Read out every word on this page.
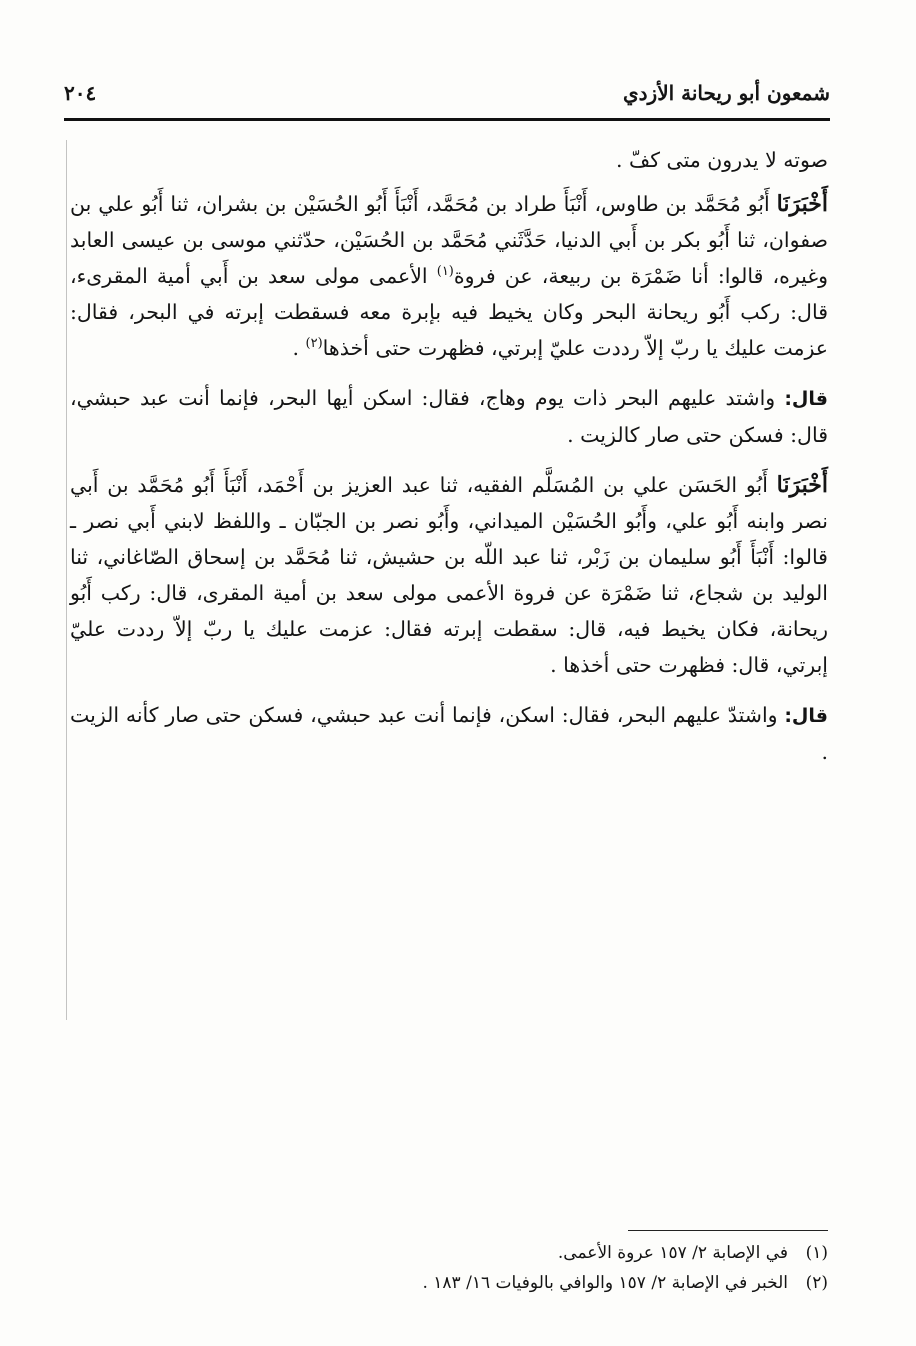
شمعون أبو ريحانة الأزدي
٢٠٤

صوته لا يدرون متى كفّ .

أَخْبَرَنَا أَبُو مُحَمَّد بن طاوس، أَنْبَأَ طراد بن مُحَمَّد، أَنْبَأَ أَبُو الحُسَيْن بن بشران، ثنا أَبُو علي بن صفوان، ثنا أَبُو بكر بن أَبي الدنيا، حَدَّثَني مُحَمَّد بن الحُسَيْن، حدّثني موسى بن عيسى العابد وغيره، قالوا: أنا ضَمْرَة بن ربيعة، عن فروة$^{(١)}$ الأعمى مولى سعد بن أَبي أمية المقرىء، قال: ركب أَبُو ريحانة البحر وكان يخيط فيه بإبرة معه فسقطت إبرته في البحر، فقال: عزمت عليك يا ربّ إلاّ رددت عليّ إبرتي، فظهرت حتى أخذها$^{(٢)}$ .

قال: واشتد عليهم البحر ذات يوم وهاج، فقال: اسكن أيها البحر، فإنما أنت عبد حبشي، قال: فسكن حتى صار كالزيت .

أَخْبَرَنَا أَبُو الحَسَن علي بن المُسَلَّم الفقيه، ثنا عبد العزيز بن أَحْمَد، أَنْبَأَ أَبُو مُحَمَّد بن أَبي نصر وابنه أَبُو علي، وأَبُو الحُسَيْن الميداني، وأَبُو نصر بن الجبّان ـ واللفظ لابني أَبي نصر ـ قالوا: أَنْبَأَ أَبُو سليمان بن زَبْر، ثنا عبد اللّه بن حشيش، ثنا مُحَمَّد بن إسحاق الصّاغاني، ثنا الوليد بن شجاع، ثنا ضَمْرَة عن فروة الأعمى مولى سعد بن أمية المقرى، قال: ركب أَبُو ريحانة، فكان يخيط فيه، قال: سقطت إبرته فقال: عزمت عليك يا ربّ إلاّ رددت عليّ إبرتي، قال: فظهرت حتى أخذها .

قال: واشتدّ عليهم البحر، فقال: اسكن، فإنما أنت عبد حبشي، فسكن حتى صار كأنه الزيت .

(١)
في الإصابة ٢/ ١٥٧ عروة الأعمى.
(٢)
الخبر في الإصابة ٢/ ١٥٧ والوافي بالوفيات ١٦/ ١٨٣ .
